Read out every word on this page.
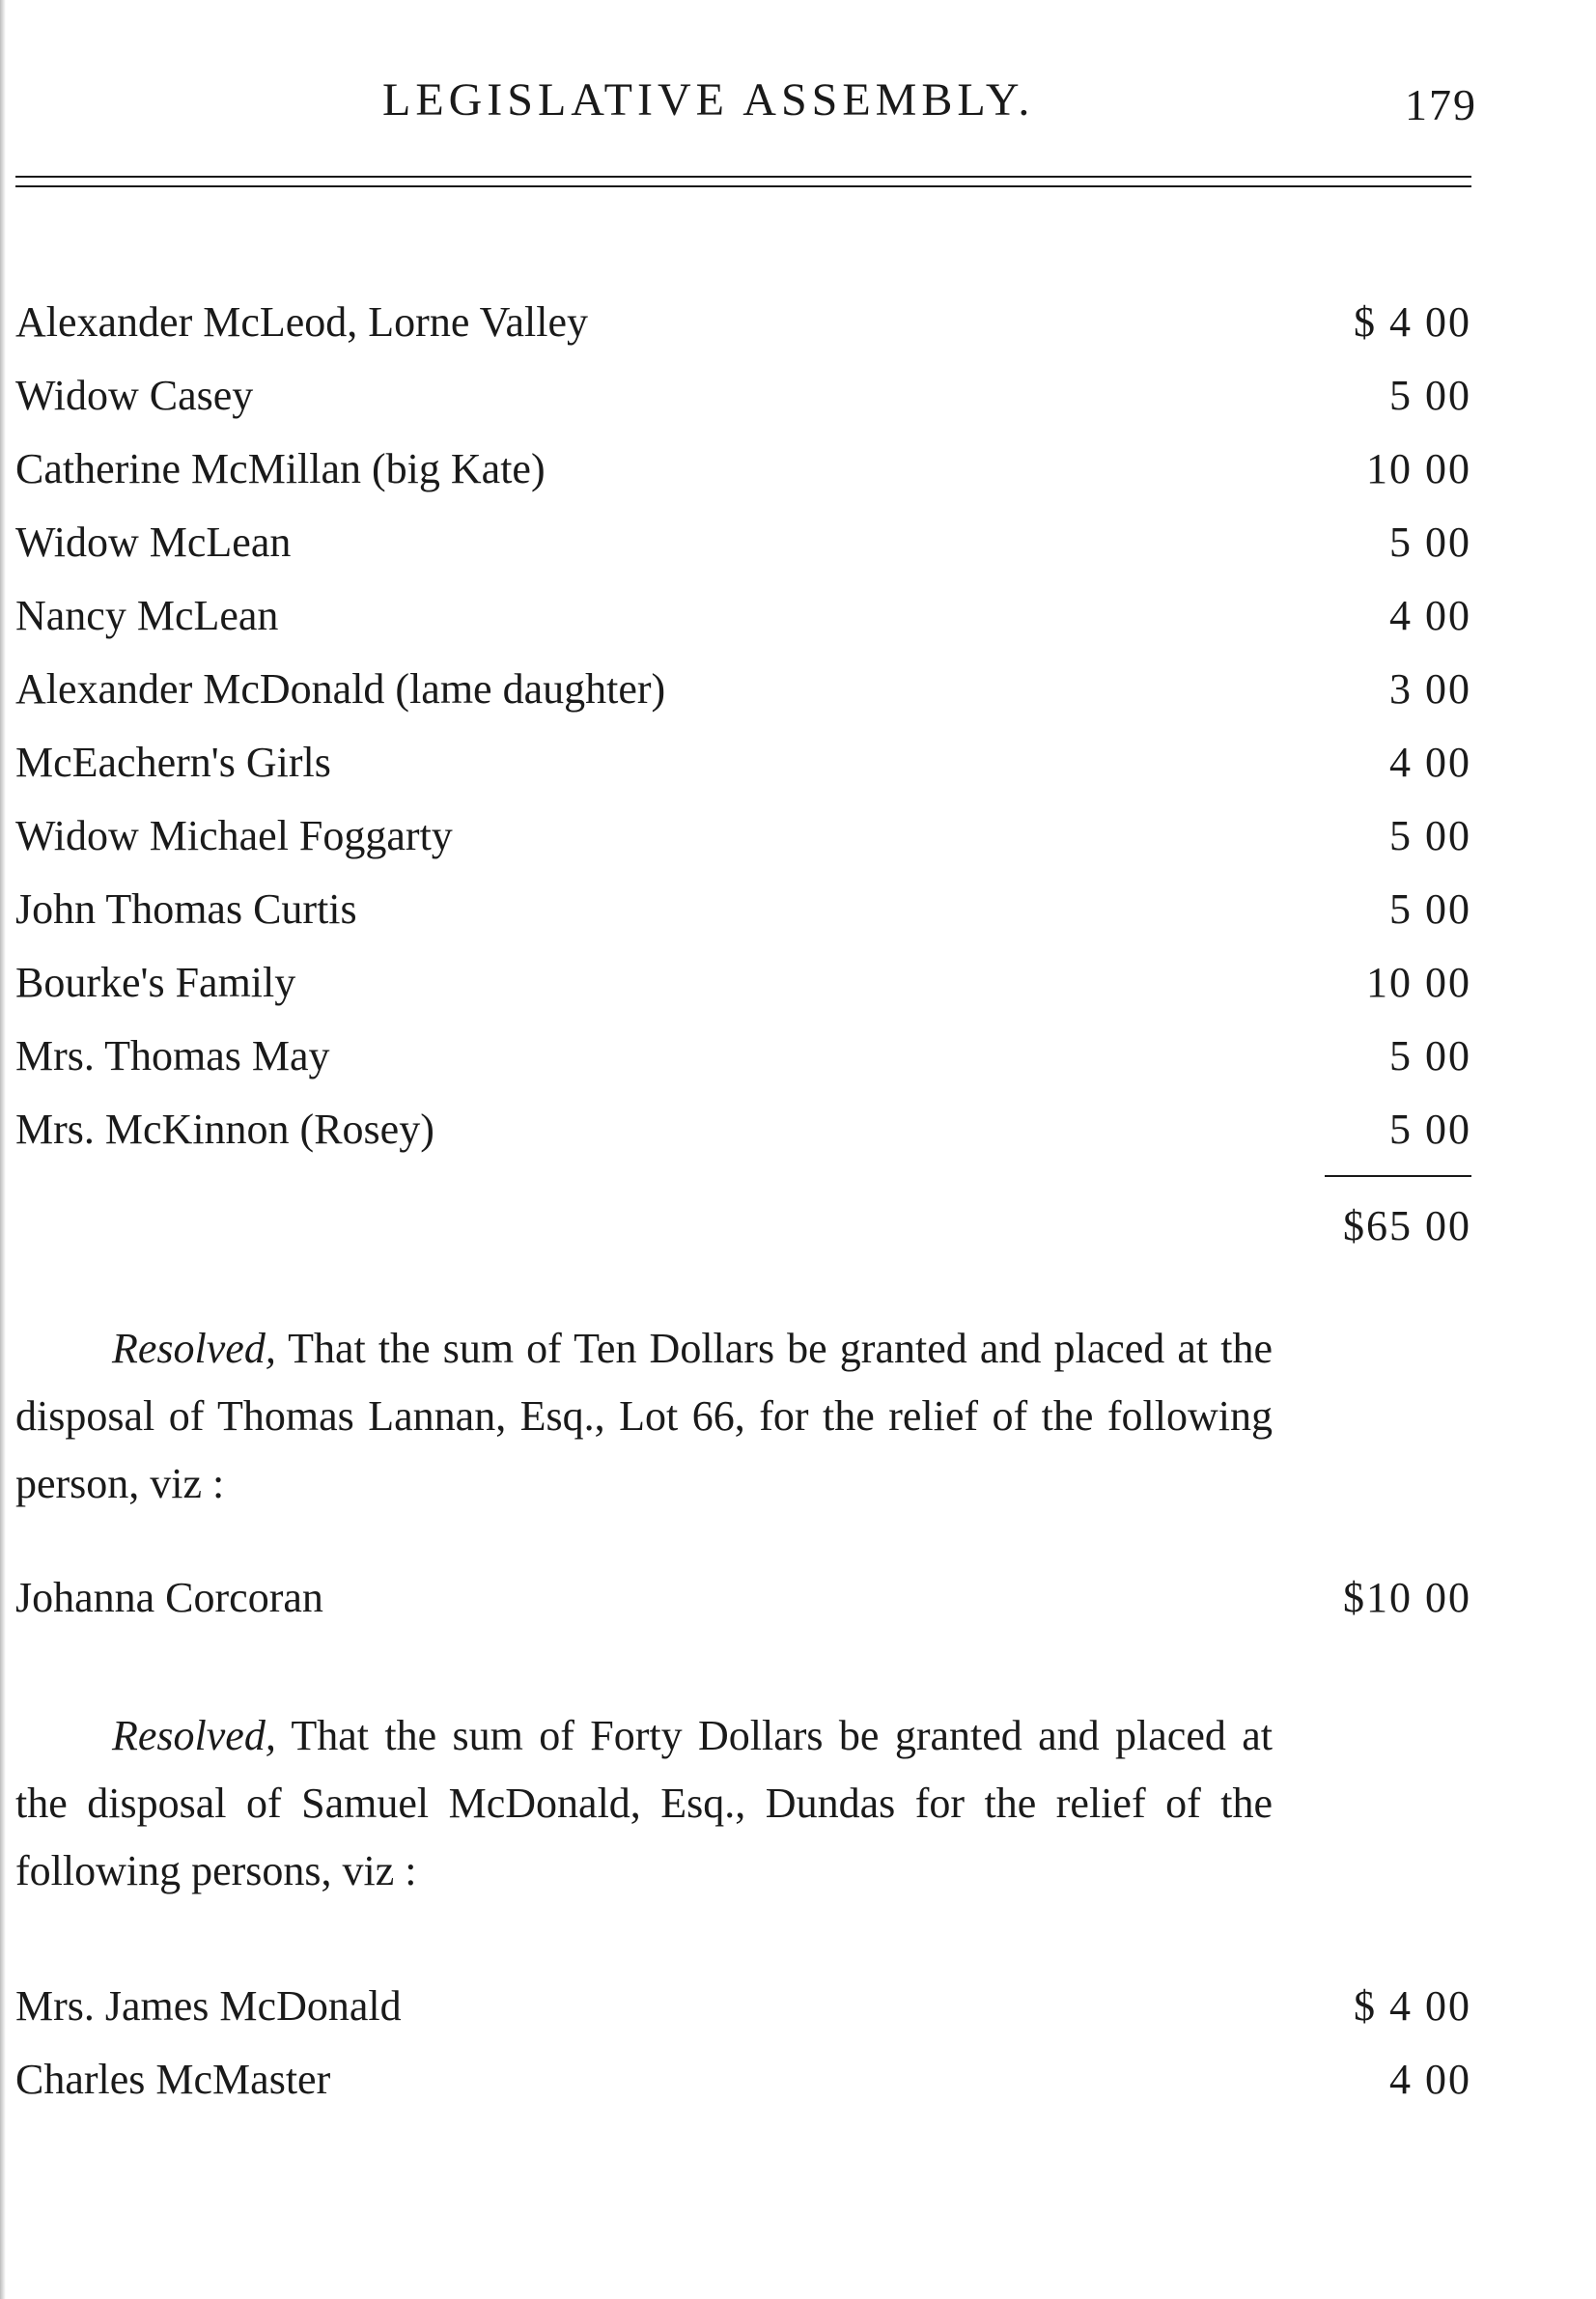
LEGISLATIVE ASSEMBLY.	179
Alexander McLeod, Lorne Valley	$ 4 00
Widow Casey	5 00
Catherine McMillan (big Kate)	10 00
Widow McLean	5 00
Nancy McLean	4 00
Alexander McDonald (lame daughter)	3 00
McEachern's Girls	4 00
Widow Michael Foggarty	5 00
John Thomas Curtis	5 00
Bourke's Family	10 00
Mrs. Thomas May	5 00
Mrs. McKinnon (Rosey)	5 00
$65 00

Resolved, That the sum of Ten Dollars be granted and placed at the disposal of Thomas Lannan, Esq., Lot 66, for the relief of the following person, viz :

Johanna Corcoran	$10 00

Resolved, That the sum of Forty Dollars be granted and placed at the disposal of Samuel McDonald, Esq., Dundas for the relief of the following persons, viz :

Mrs. James McDonald	$ 4 00
Charles McMaster	4 00
